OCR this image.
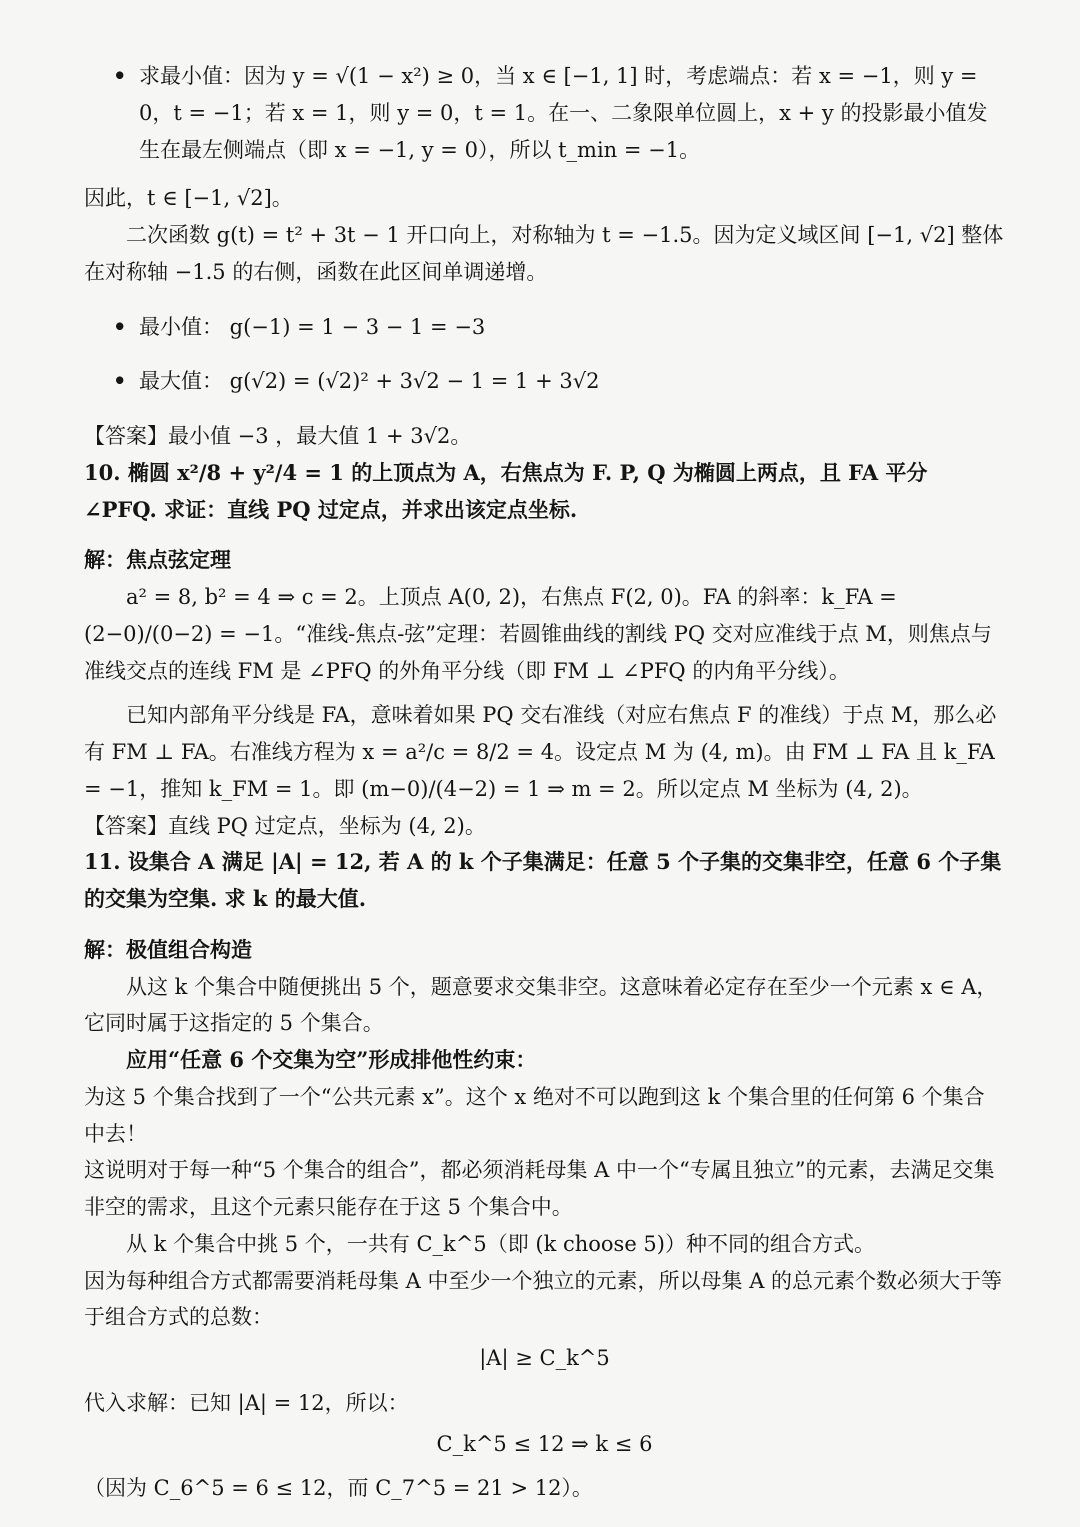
• 求最小值：因为 y = √(1 − x²) ≥ 0，当 x ∈ [−1, 1] 时，考虑端点：若 x = −1，则 y = 0，t = −1；若 x = 1，则 y = 0，t = 1。在一、二象限单位圆上，x + y 的投影最小值发生在最左侧端点（即 x = −1, y = 0），所以 t_min = −1。

因此，t ∈ [−1, √2]。

二次函数 g(t) = t² + 3t − 1 开口向上，对称轴为 t = −1.5。因为定义域区间 [−1, √2] 整体在对称轴 −1.5 的右侧，函数在此区间单调递增。

• 最小值： g(−1) = 1 − 3 − 1 = −3
• 最大值： g(√2) = (√2)² + 3√2 − 1 = 1 + 3√2

【答案】最小值 −3 ，最大值 1 + 3√2。

10. 椭圆 x²/8 + y²/4 = 1 的上顶点为 A，右焦点为 F. P, Q 为椭圆上两点，且 FA 平分 ∠PFQ. 求证：直线 PQ 过定点，并求出该定点坐标.

解：焦点弦定理

a² = 8, b² = 4 ⇒ c = 2。上顶点 A(0, 2)，右焦点 F(2, 0)。FA 的斜率：k_FA = (2−0)/(0−2) = −1。“准线-焦点-弦”定理：若圆锥曲线的割线 PQ 交对应准线于点 M，则焦点与准线交点的连线 FM 是 ∠PFQ 的外角平分线（即 FM ⊥ ∠PFQ 的内角平分线）。

已知内部角平分线是 FA，意味着如果 PQ 交右准线（对应右焦点 F 的准线）于点 M，那么必有 FM ⊥ FA。右准线方程为 x = a²/c = 8/2 = 4。设定点 M 为 (4, m)。由 FM ⊥ FA 且 k_FA = −1，推知 k_FM = 1。即 (m−0)/(4−2) = 1 ⇒ m = 2。所以定点 M 坐标为 (4, 2)。

【答案】直线 PQ 过定点，坐标为 (4, 2)。

11. 设集合 A 满足 |A| = 12, 若 A 的 k 个子集满足：任意 5 个子集的交集非空，任意 6 个子集的交集为空集. 求 k 的最大值.

解：极值组合构造

从这 k 个集合中随便挑出 5 个，题意要求交集非空。这意味着必定存在至少一个元素 x ∈ A，它同时属于这指定的 5 个集合。

应用“任意 6 个交集为空”形成排他性约束：

为这 5 个集合找到了一个“公共元素 x”。这个 x 绝对不可以跑到这 k 个集合里的任何第 6 个集合中去！

这说明对于每一种“5 个集合的组合”，都必须消耗母集 A 中一个“专属且独立”的元素，去满足交集非空的需求，且这个元素只能存在于这 5 个集合中。

从 k 个集合中挑 5 个，一共有 C_k^5（即 (k choose 5)）种不同的组合方式。

因为每种组合方式都需要消耗母集 A 中至少一个独立的元素，所以母集 A 的总元素个数必须大于等于组合方式的总数：

|A| ≥ C_k^5

代入求解：已知 |A| = 12，所以：

C_k^5 ≤ 12 ⇒ k ≤ 6

（因为 C_6^5 = 6 ≤ 12，而 C_7^5 = 21 > 12）。
